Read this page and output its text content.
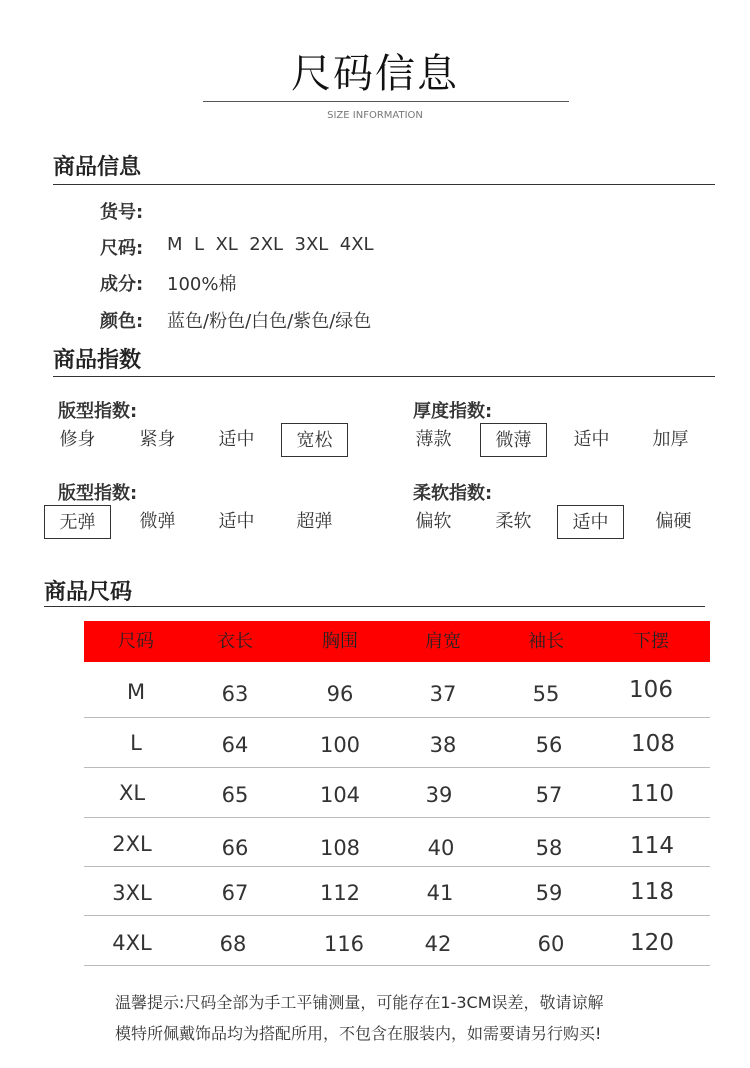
尺码信息
SIZE INFORMATION
商品信息
货号:
尺码: M  L  XL  2XL  3XL  4XL
成分: 100%棉
颜色: 蓝色/粉色/白色/紫色/绿色
商品指数
版型指数:
修身	紧身	适中	宽松
厚度指数:
薄款	微薄	适中	加厚
版型指数:
无弹	微弹	适中	超弹
柔软指数:
偏软	柔软	适中	偏硬
商品尺码
尺码	衣长	胸围	肩宽	袖长	下摆
M	63	96	37	55	106
L	64	100	38	56	108
XL	65	104	39	57	110
2XL	66	108	40	58	114
3XL	67	112	41	59	118
4XL	68	116	42	60	120
温馨提示:尺码全部为手工平铺测量，可能存在1-3CM误差，敬请谅解
模特所佩戴饰品均为搭配所用，不包含在服装内，如需要请另行购买!
